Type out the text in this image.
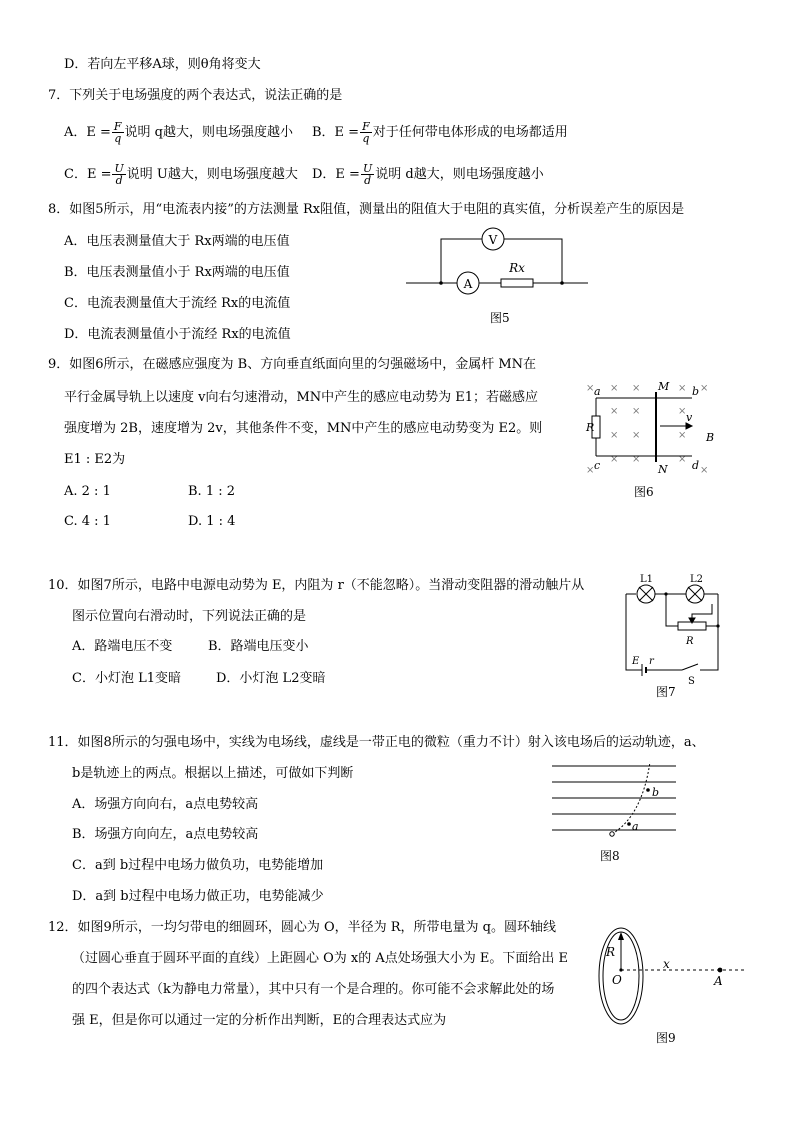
D．若向左平移A球，则θ角将变大
7．下列关于电场强度的两个表达式，说法正确的是
A．$E = \frac{F}{q}$ 说明 q越大，则电场强度越小 B．$E = \frac{F}{q}$ 对于任何带电体形成的电场都适用
C．$E = \frac{U}{d}$ 说明 U越大，则电场强度越大 D．$E = \frac{U}{d}$ 说明 d越大，则电场强度越小
8．如图5所示，用“电流表内接”的方法测量 Rx阻值，测量出的阻值大于电阻的真实值，分析误差产生的原因是
A．电压表测量值大于 Rx两端的电压值
B．电压表测量值小于 Rx两端的电压值
C．电流表测量值大于流经 Rx的电流值
D．电流表测量值小于流经 Rx的电流值
A
V
Rx
图5
9．如图6所示，在磁感应强度为 B、方向垂直纸面向里的匀强磁场中，金属杆 MN在
平行金属导轨上以速度 v向右匀速滑动，MN中产生的感应电动势为 E1；若磁感应
强度增为 2B，速度增为 2v，其他条件不变，MN中产生的感应电动势变为 E2。则
E1 : E2为
A. 2 : 1	B. 1 : 2
C. 4 : 1	D. 1 : 4
× × ×	× ×
× ×	×
× ×	×
× ×	×
×	×
a	b
c	d
M
N
R
v
B
图6
10．如图7所示，电路中电源电动势为 E，内阻为 r（不能忽略）。当滑动变阻器的滑动触片从
图示位置向右滑动时，下列说法正确的是
A．路端电压不变	B．路端电压变小
C．小灯泡 L1变暗	D．小灯泡 L2变暗
L1	L2
R
E r
S
图7
11．如图8所示的匀强电场中，实线为电场线，虚线是一带正电的微粒（重力不计）射入该电场后的运动轨迹，a、
b是轨迹上的两点。根据以上描述，可做如下判断
A．场强方向向右，a点电势较高
B．场强方向向左，a点电势较高
C．a到 b过程中电场力做负功，电势能增加
D．a到 b过程中电场力做正功，电势能减少
a
b
图8
12．如图9所示，一均匀带电的细圆环，圆心为 O，半径为 R，所带电量为 q。圆环轴线
（过圆心垂直于圆环平面的直线）上距圆心 O为 x的 A点处场强大小为 E。下面给出 E
的四个表达式（k为静电力常量），其中只有一个是合理的。你可能不会求解此处的场
强 E，但是你可以通过一定的分析作出判断，E的合理表达式应为
R
O
x
A
图9
